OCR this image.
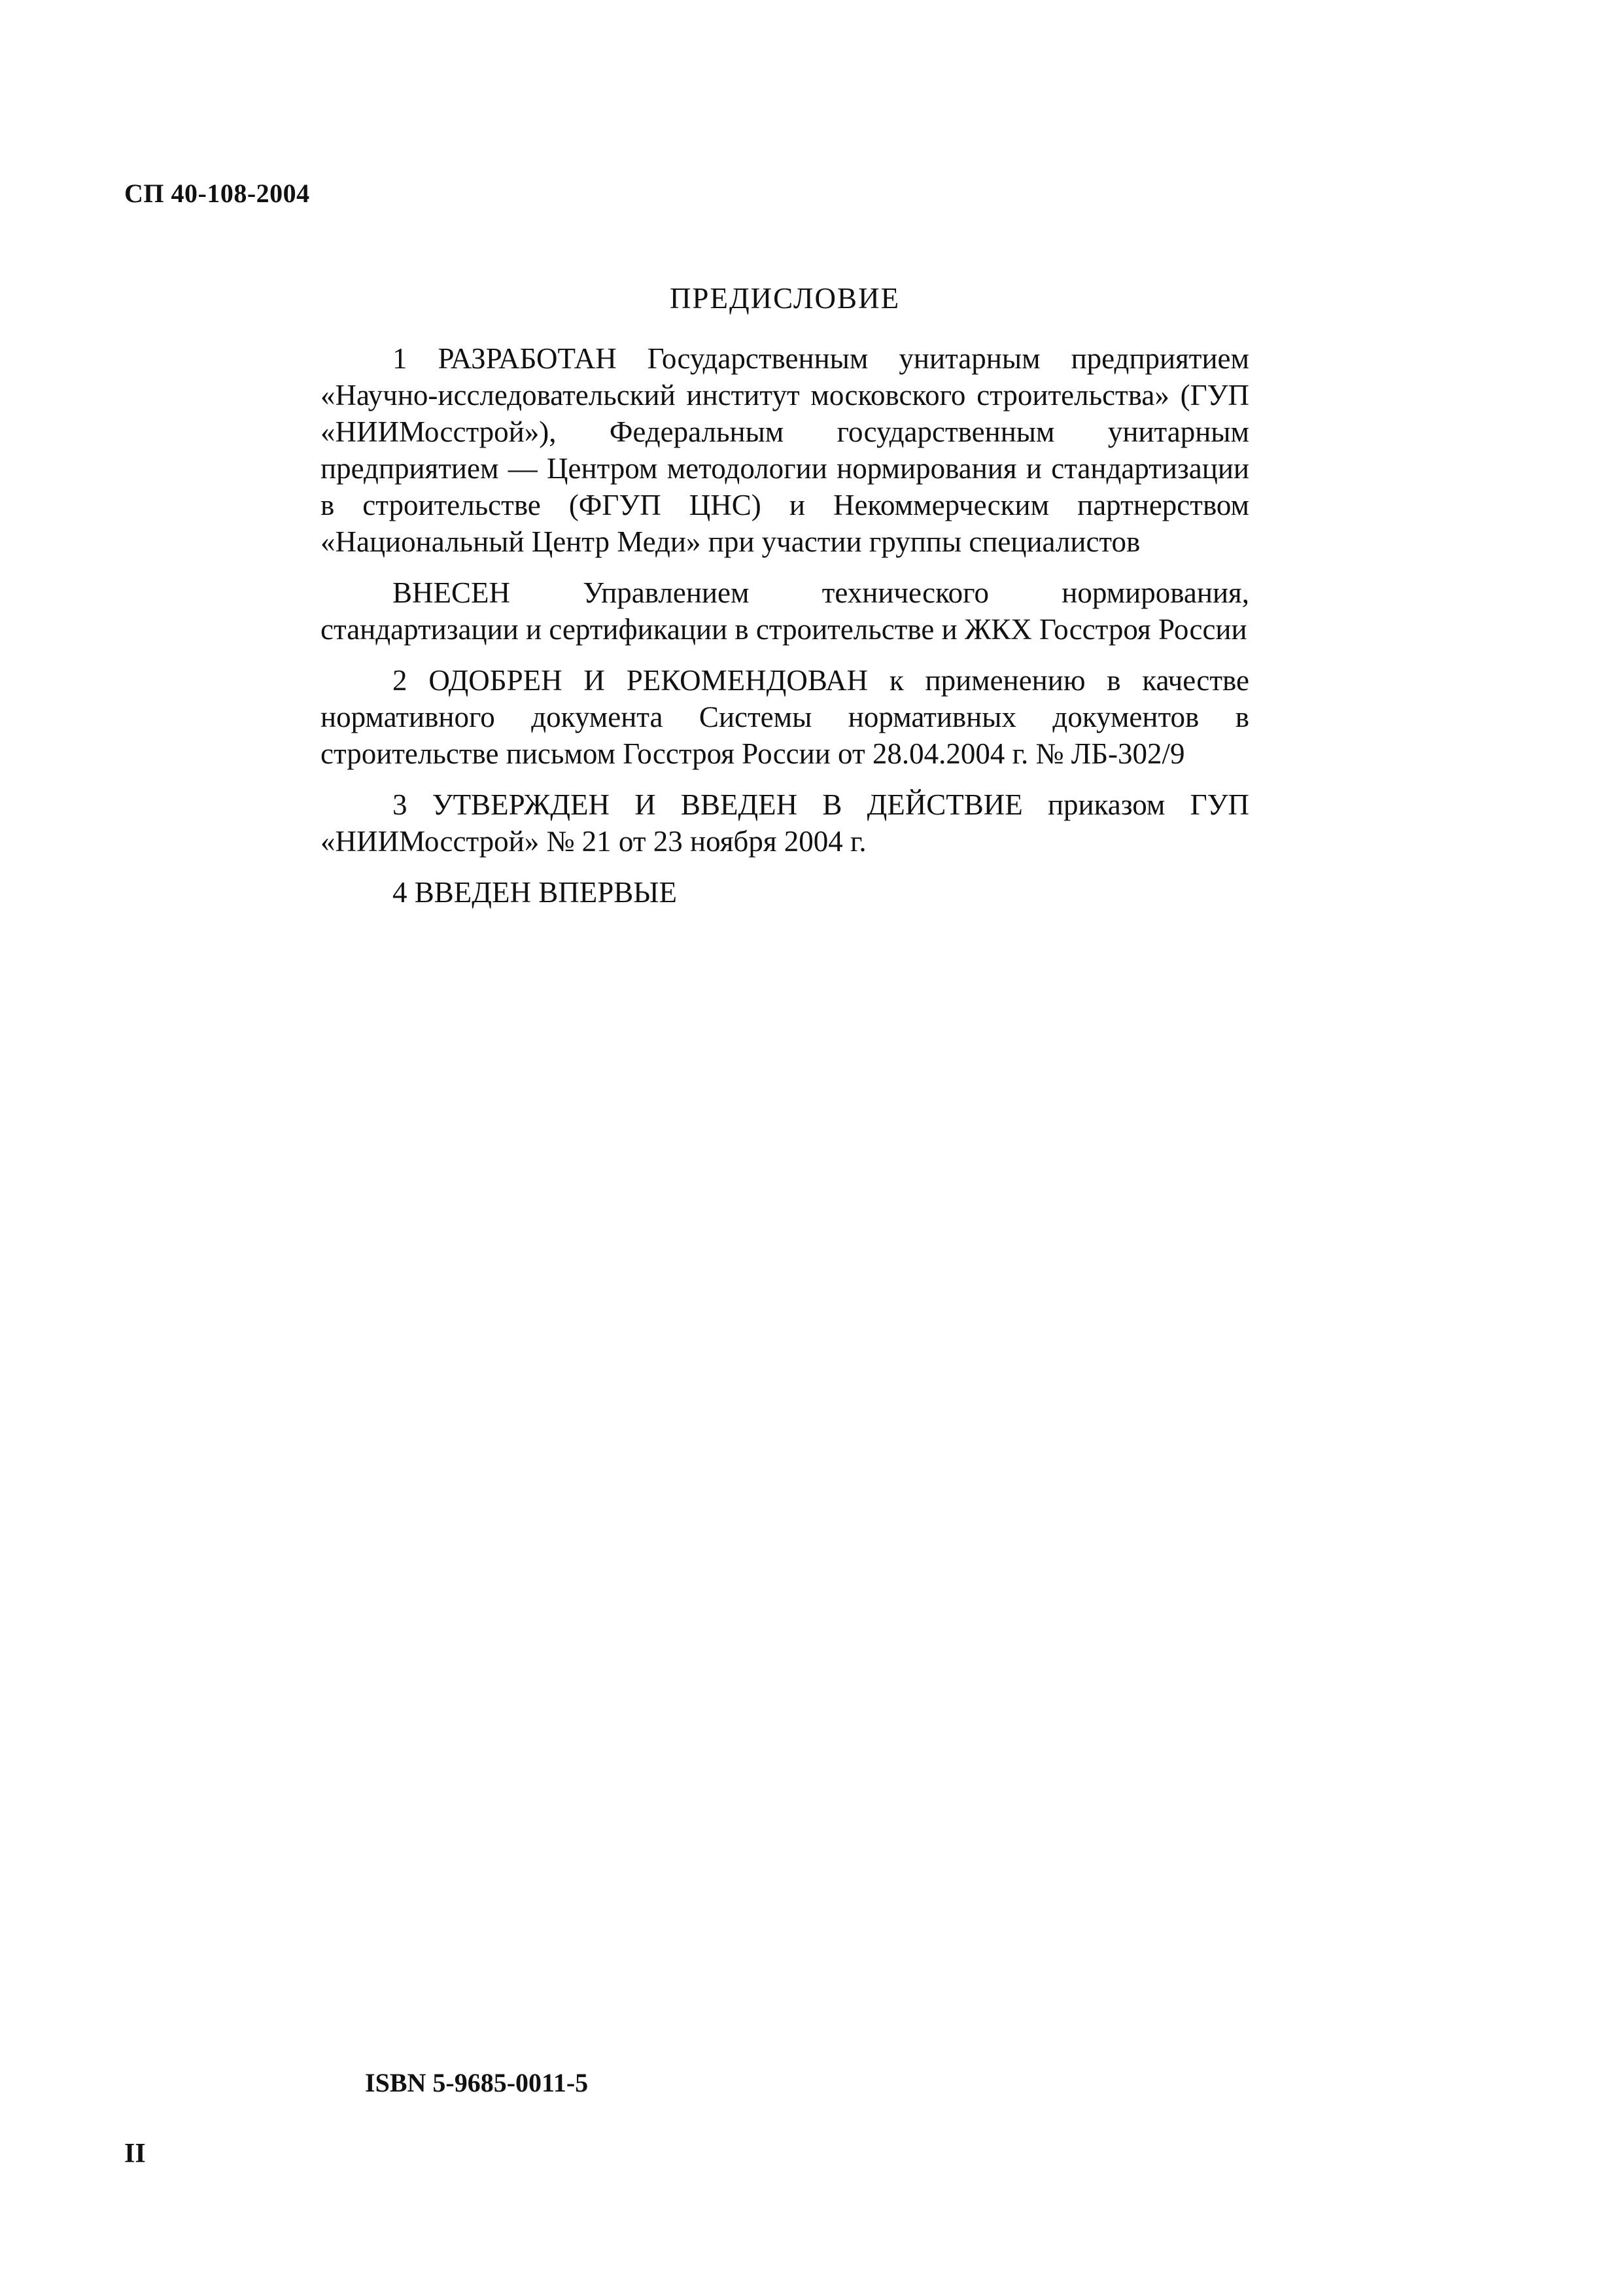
СП 40-108-2004
ПРЕДИСЛОВИЕ

1 РАЗРАБОТАН Государственным унитарным предприятием «Научно-исследовательский институт московского строительства» (ГУП «НИИМосстрой»), Федеральным государственным унитарным предприятием — Центром методологии нормирования и стандартизации в строительстве (ФГУП ЦНС) и Некоммерческим партнерством «Национальный Центр Меди» при участии группы специалистов

ВНЕСЕН Управлением технического нормирования, стандартизации и сертификации в строительстве и ЖКХ Госстроя России

2 ОДОБРЕН И РЕКОМЕНДОВАН к применению в качестве нормативного документа Системы нормативных документов в строительстве письмом Госстроя России от 28.04.2004 г. № ЛБ-302/9

3 УТВЕРЖДЕН И ВВЕДЕН В ДЕЙСТВИЕ приказом ГУП «НИИМосстрой» № 21 от 23 ноября 2004 г.

4 ВВЕДЕН ВПЕРВЫЕ

ISBN 5-9685-0011-5
II
